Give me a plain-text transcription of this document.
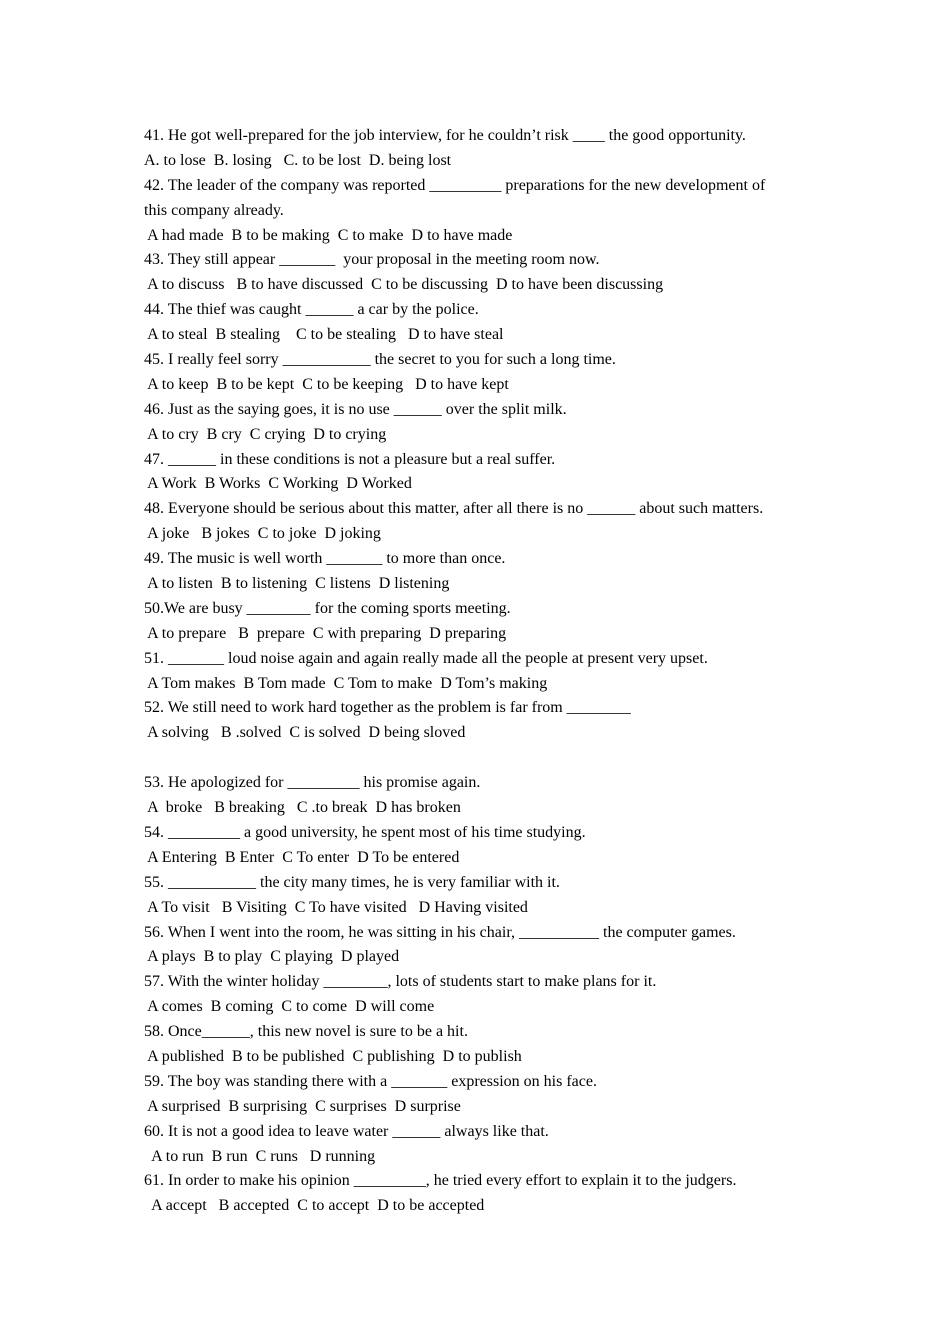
41. He got well-prepared for the job interview, for he couldn’t risk ____ the good opportunity.
A. to lose  B. losing   C. to be lost  D. being lost
42. The leader of the company was reported _________ preparations for the new development of
this company already.
A had made  B to be making  C to make  D to have made
43. They still appear _______  your proposal in the meeting room now.
A to discuss   B to have discussed  C to be discussing  D to have been discussing
44. The thief was caught ______ a car by the police.
A to steal  B stealing    C to be stealing   D to have steal
45. I really feel sorry ___________ the secret to you for such a long time.
A to keep  B to be kept  C to be keeping   D to have kept
46. Just as the saying goes, it is no use ______ over the split milk.
A to cry  B cry  C crying  D to crying
47. ______ in these conditions is not a pleasure but a real suffer.
A Work  B Works  C Working  D Worked
48. Everyone should be serious about this matter, after all there is no ______ about such matters.
A joke   B jokes  C to joke  D joking
49. The music is well worth _______ to more than once.
A to listen  B to listening  C listens  D listening
50.We are busy ________ for the coming sports meeting.
A to prepare   B  prepare  C with preparing  D preparing
51. _______ loud noise again and again really made all the people at present very upset.
A Tom makes  B Tom made  C Tom to make  D Tom’s making
52. We still need to work hard together as the problem is far from ________
A solving   B .solved  C is solved  D being sloved
53. He apologized for _________ his promise again.
A  broke   B breaking   C .to break  D has broken
54. _________ a good university, he spent most of his time studying.
A Entering  B Enter  C To enter  D To be entered
55. ___________ the city many times, he is very familiar with it.
A To visit   B Visiting  C To have visited   D Having visited
56. When I went into the room, he was sitting in his chair, __________ the computer games.
A plays  B to play  C playing  D played
57. With the winter holiday ________, lots of students start to make plans for it.
A comes  B coming  C to come  D will come
58. Once______, this new novel is sure to be a hit.
A published  B to be published  C publishing  D to publish
59. The boy was standing there with a _______ expression on his face.
A surprised  B surprising  C surprises  D surprise
60. It is not a good idea to leave water ______ always like that.
A to run  B run  C runs   D running
61. In order to make his opinion _________, he tried every effort to explain it to the judgers.
A accept   B accepted  C to accept  D to be accepted
